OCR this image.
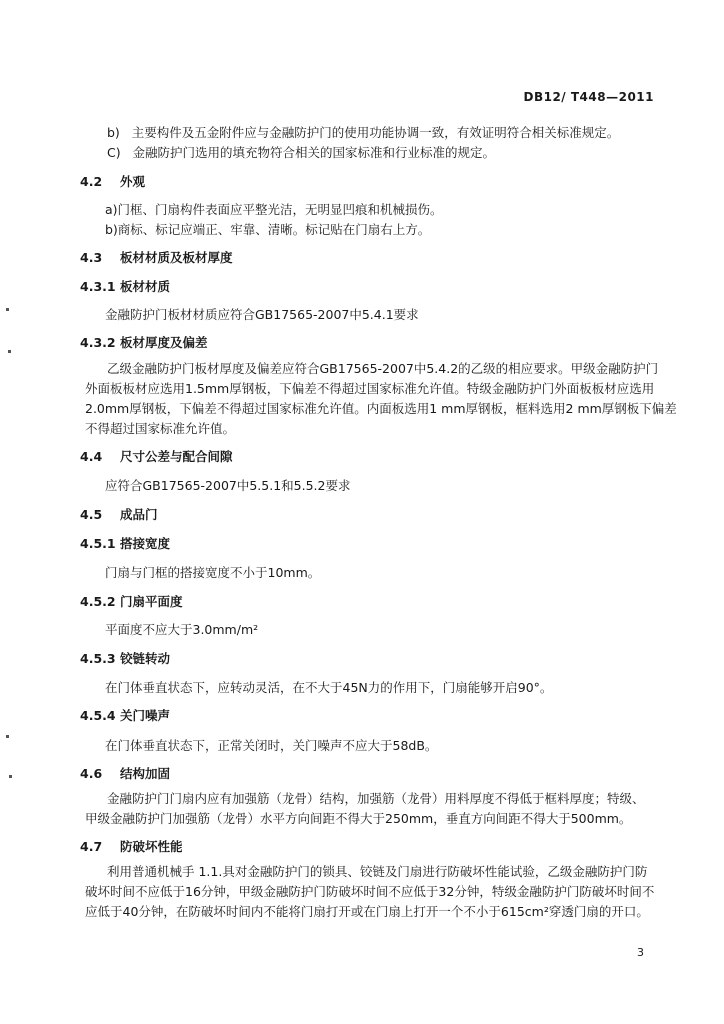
DB12/ T448—2011
b) 主要构件及五金附件应与金融防护门的使用功能协调一致，有效证明符合相关标准规定。
C) 金融防护门选用的填充物符合相关的国家标准和行业标准的规定。
4.2 外观
a)门框、门扇构件表面应平整光洁，无明显凹痕和机械损伤。
b)商标、标记应端正、牢靠、清晰。标记贴在门扇右上方。
4.3 板材材质及板材厚度
4.3.1 板材材质
金融防护门板材材质应符合GB17565-2007中5.4.1要求
4.3.2 板材厚度及偏差
乙级金融防护门板材厚度及偏差应符合GB17565-2007中5.4.2的乙级的相应要求。甲级金融防护门
外面板板材应选用1.5mm厚钢板，下偏差不得超过国家标准允许值。特级金融防护门外面板板材应选用
2.0mm厚钢板，下偏差不得超过国家标准允许值。内面板选用1 mm厚钢板，框料选用2 mm厚钢板下偏差
不得超过国家标准允许值。
4.4 尺寸公差与配合间隙
应符合GB17565-2007中5.5.1和5.5.2要求
4.5 成品门
4.5.1 搭接宽度
门扇与门框的搭接宽度不小于10mm。
4.5.2 门扇平面度
平面度不应大于3.0mm/m²
4.5.3 铰链转动
在门体垂直状态下，应转动灵活，在不大于45N力的作用下，门扇能够开启90°。
4.5.4 关门噪声
在门体垂直状态下，正常关闭时，关门噪声不应大于58dB。
4.6 结构加固
金融防护门门扇内应有加强筋（龙骨）结构，加强筋（龙骨）用料厚度不得低于框料厚度；特级、
甲级金融防护门加强筋（龙骨）水平方向间距不得大于250mm，垂直方向间距不得大于500mm。
4.7 防破坏性能
利用普通机械手 1.1.具对金融防护门的锁具、铰链及门扇进行防破坏性能试验，乙级金融防护门防
破坏时间不应低于16分钟，甲级金融防护门防破坏时间不应低于32分钟，特级金融防护门防破坏时间不
应低于40分钟，在防破坏时间内不能将门扇打开或在门扇上打开一个不小于615cm²穿透门扇的开口。
3
